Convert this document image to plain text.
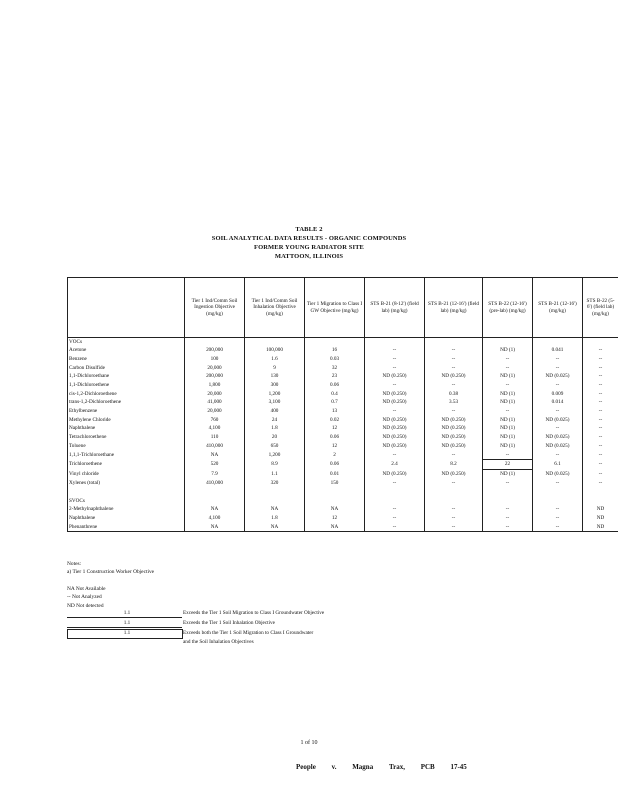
TABLE 2
SOIL ANALYTICAL DATA RESULTS - ORGANIC COMPOUNDS
FORMER YOUNG RADIATOR SITE
MATTOON, ILLINOIS
	Tier 1 Ind/Comm Soil Ingestion Objective (mg/kg)	Tier 1 Ind/Comm Soil Inhalation Objective (mg/kg)	Tier 1 Migration to Class I GW Objective (mg/kg)	STS B-21 (8-12') (field lab) (mg/kg)	STS B-21 (12-16') (field lab) (mg/kg)	STS B-22 (12-16') (pre-lab) (mg/kg)	STS B-21 (12-16') (mg/kg)	STS B-22 (5-6') (field lab) (mg/kg)
VOCs								
Acetone	200,000	100,000	16	--	--	ND (1)	0.041	--
Benzene	100	1.6	0.03	--	--	--	--	--
Carbon Disulfide	20,000	9	32	--	--	--	--	--
1,1-Dichloroethane	200,000	130	23	ND (0.250)	ND (0.250)	ND (1)	ND (0.025)	--
1,1-Dichloroethene	1,800	300	0.06	--	--	--	--	--
cis-1,2-Dichloroethene	20,000	1,200	0.4	ND (0.250)	0.38	ND (1)	0.009	--
trans-1,2-Dichloroethene	41,000	3,100	0.7	ND (0.250)	3.53	ND (1)	0.014	--
Ethylbenzene	20,000	400	13	--	--	--	--	--
Methylene Chloride	760	24	0.02	ND (0.250)	ND (0.250)	ND (1)	ND (0.025)	--
Naphthalene	4,100	1.8	12	ND (0.250)	ND (0.250)	ND (1)	--	--
Tetrachloroethene	110	20	0.06	ND (0.250)	ND (0.250)	ND (1)	ND (0.025)	--
Toluene	410,000	650	12	ND (0.250)	ND (0.250)	ND (1)	ND (0.025)	--
1,1,1-Trichloroethane	NA	1,200	2	--	--	--	--	--
Trichloroethene	520	8.9	0.06	2.4	8.2	22	6.1	--
Vinyl chloride	7.9	1.1	0.01	ND (0.250)	ND (0.250)	ND (1)	ND (0.025)	--
Xylenes (total)	410,000	320	150	--	--	--	--	--

SVOCs								
2-Methylnaphthalene	NA	NA	NA	--	--	--	--	ND
Naphthalene	4,100	1.8	12	--	--	--	--	ND
Phenanthrene	NA	NA	NA	--	--	--	--	ND
Notes:
a) Tier 1 Construction Worker Objective
NA Not Available
-- Not Analyzed
ND Not detected
1.1	Exceeds the Tier 1 Soil Migration to Class I Groundwater Objective
1.1	Exceeds the Tier 1 Soil Inhalation Objective
1.1	Exceeds both the Tier 1 Soil Migration to Class I Groundwater
and the Soil Inhalation Objectives
1 of 10
People v. Magna Trax, PCB 17-45
